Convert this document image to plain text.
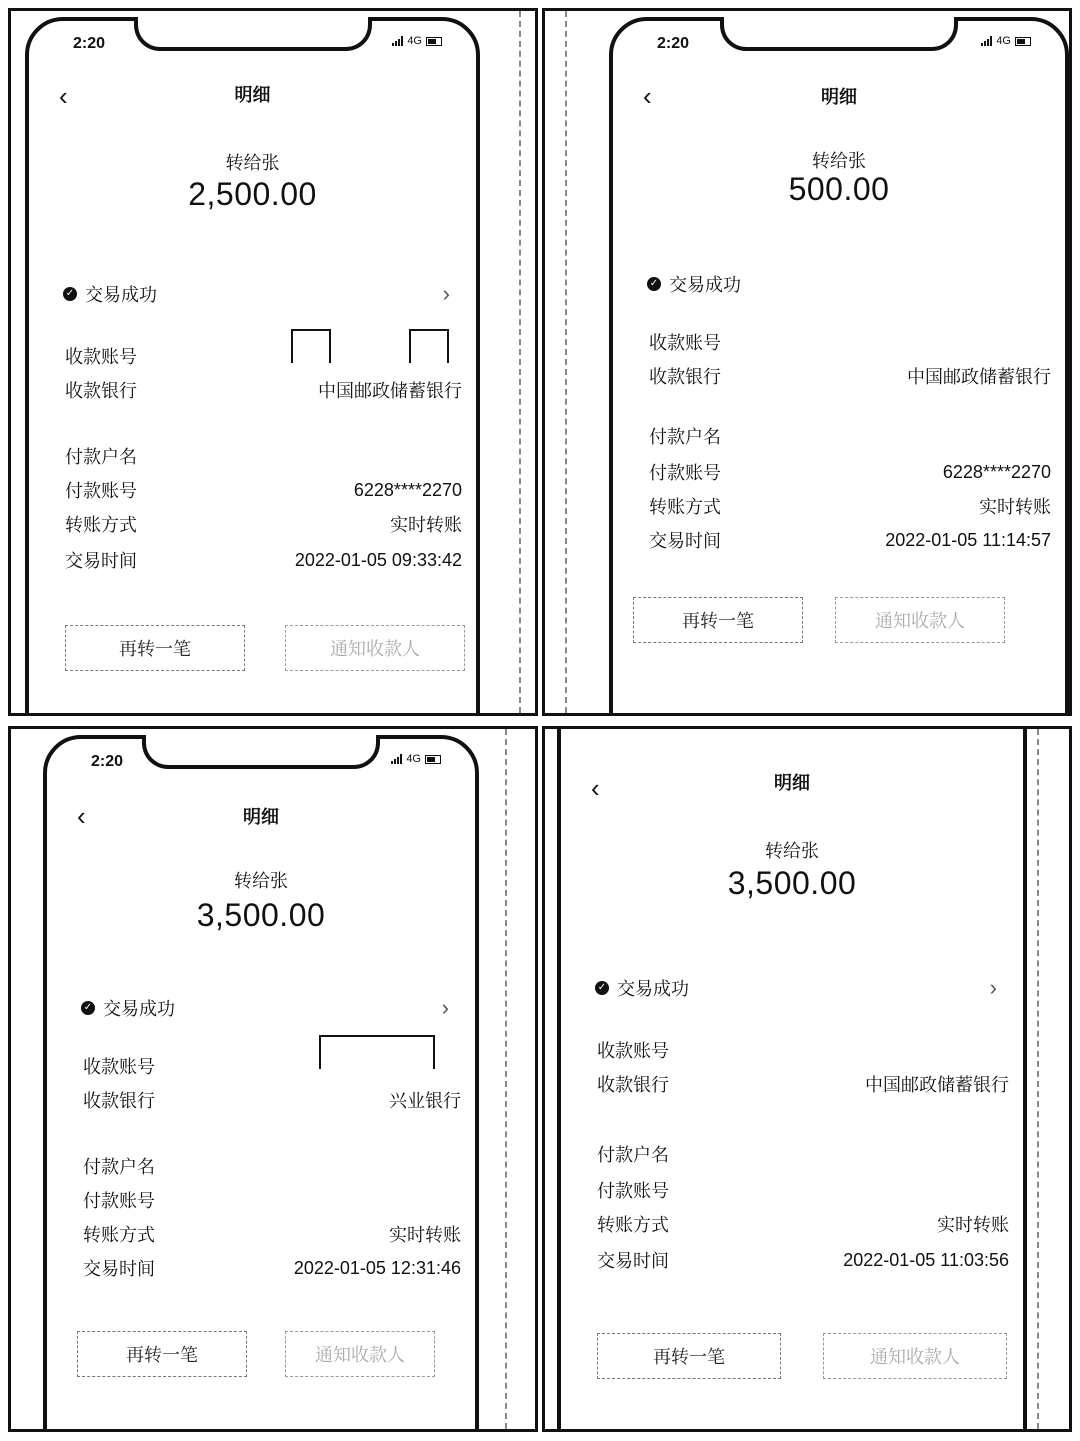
2:20	4G
‹	明细
转给张
2,500.00
✓ 交易成功	›
收款账号
收款银行	中国邮政储蓄银行
付款户名
付款账号	6228****2270
转账方式	实时转账
交易时间	2022-01-05 09:33:42
再转一笔	通知收款人
2:20	4G
‹	明细
转给张
500.00
✓ 交易成功
收款账号
收款银行	中国邮政储蓄银行
付款户名
付款账号	6228****2270
转账方式	实时转账
交易时间	2022-01-05 11:14:57
再转一笔	通知收款人
2:20	4G
‹	明细
转给张
3,500.00
✓ 交易成功	›
收款账号
收款银行	兴业银行
付款户名
付款账号
转账方式	实时转账
交易时间	2022-01-05 12:31:46
再转一笔	通知收款人
‹	明细
转给张
3,500.00
✓ 交易成功	›
收款账号
收款银行	中国邮政储蓄银行
付款户名
付款账号
转账方式	实时转账
交易时间	2022-01-05 11:03:56
再转一笔	通知收款人
